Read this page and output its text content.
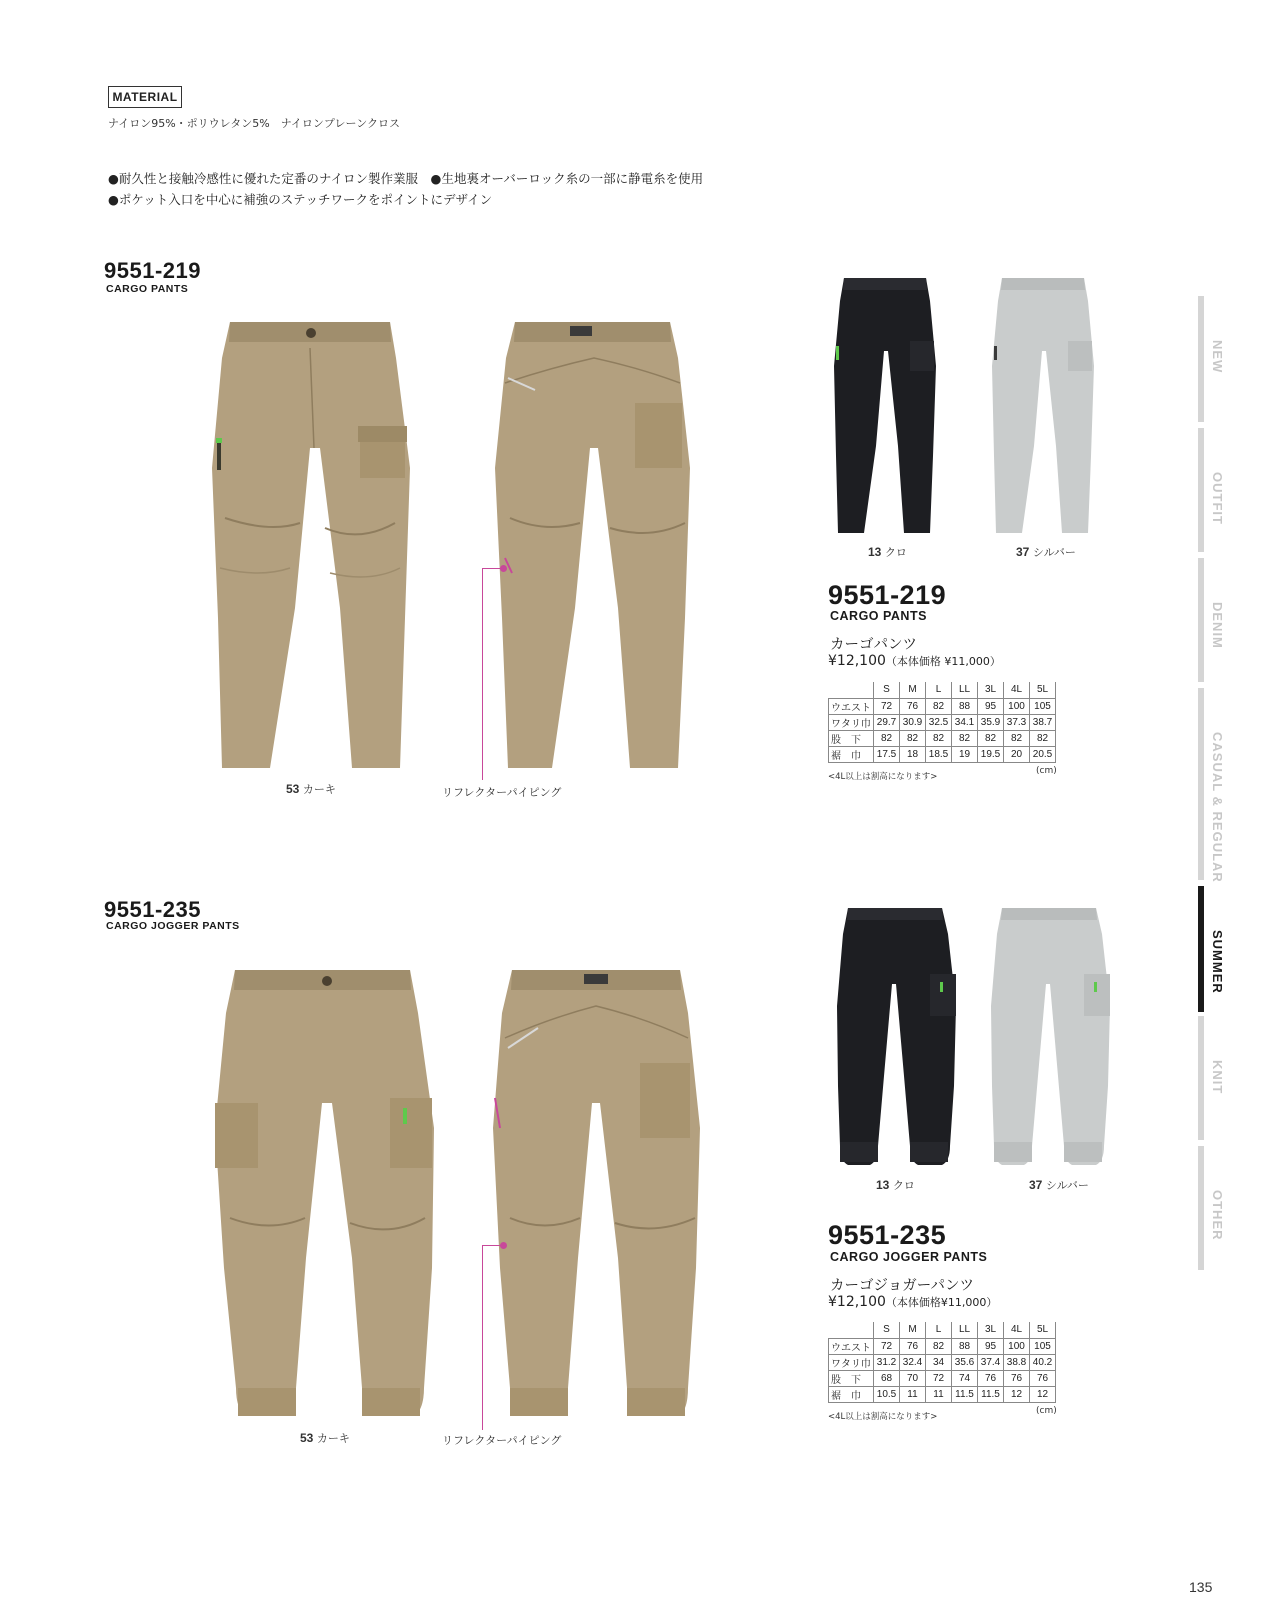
MATERIAL
ナイロン95%・ポリウレタン5%　ナイロンプレーンクロス
●耐久性と接触冷感性に優れた定番のナイロン製作業服　●生地裏オーバーロック糸の一部に静電糸を使用
●ポケット入口を中心に補強のステッチワークをポイントにデザイン
9551-219
CARGO PANTS
53 カーキ	リフレクターパイピング
13 クロ	37 シルバー
9551-219
CARGO PANTS
カーゴパンツ
¥12,100（本体価格 ¥11,000）
	S	M	L	LL	3L	4L	5L
ウエスト	72	76	82	88	95	100	105
ワタリ巾	29.7	30.9	32.5	34.1	35.9	37.3	38.7
股　下	82	82	82	82	82	82	82
裾　巾	17.5	18	18.5	19	19.5	20	20.5
<4L以上は割高になります>
(cm)
9551-235
CARGO JOGGER PANTS
53 カーキ	リフレクターパイピング
13 クロ	37 シルバー
9551-235
CARGO JOGGER PANTS
カーゴジョガーパンツ
¥12,100（本体価格¥11,000）
	S	M	L	LL	3L	4L	5L
ウエスト	72	76	82	88	95	100	105
ワタリ巾	31.2	32.4	34	35.6	37.4	38.8	40.2
股　下	68	70	72	74	76	76	76
裾　巾	10.5	11	11	11.5	11.5	12	12
<4L以上は割高になります>
(cm)
NEW
OUTFIT
DENIM
CASUAL & REGULAR
SUMMER
KNIT
OTHER
135
